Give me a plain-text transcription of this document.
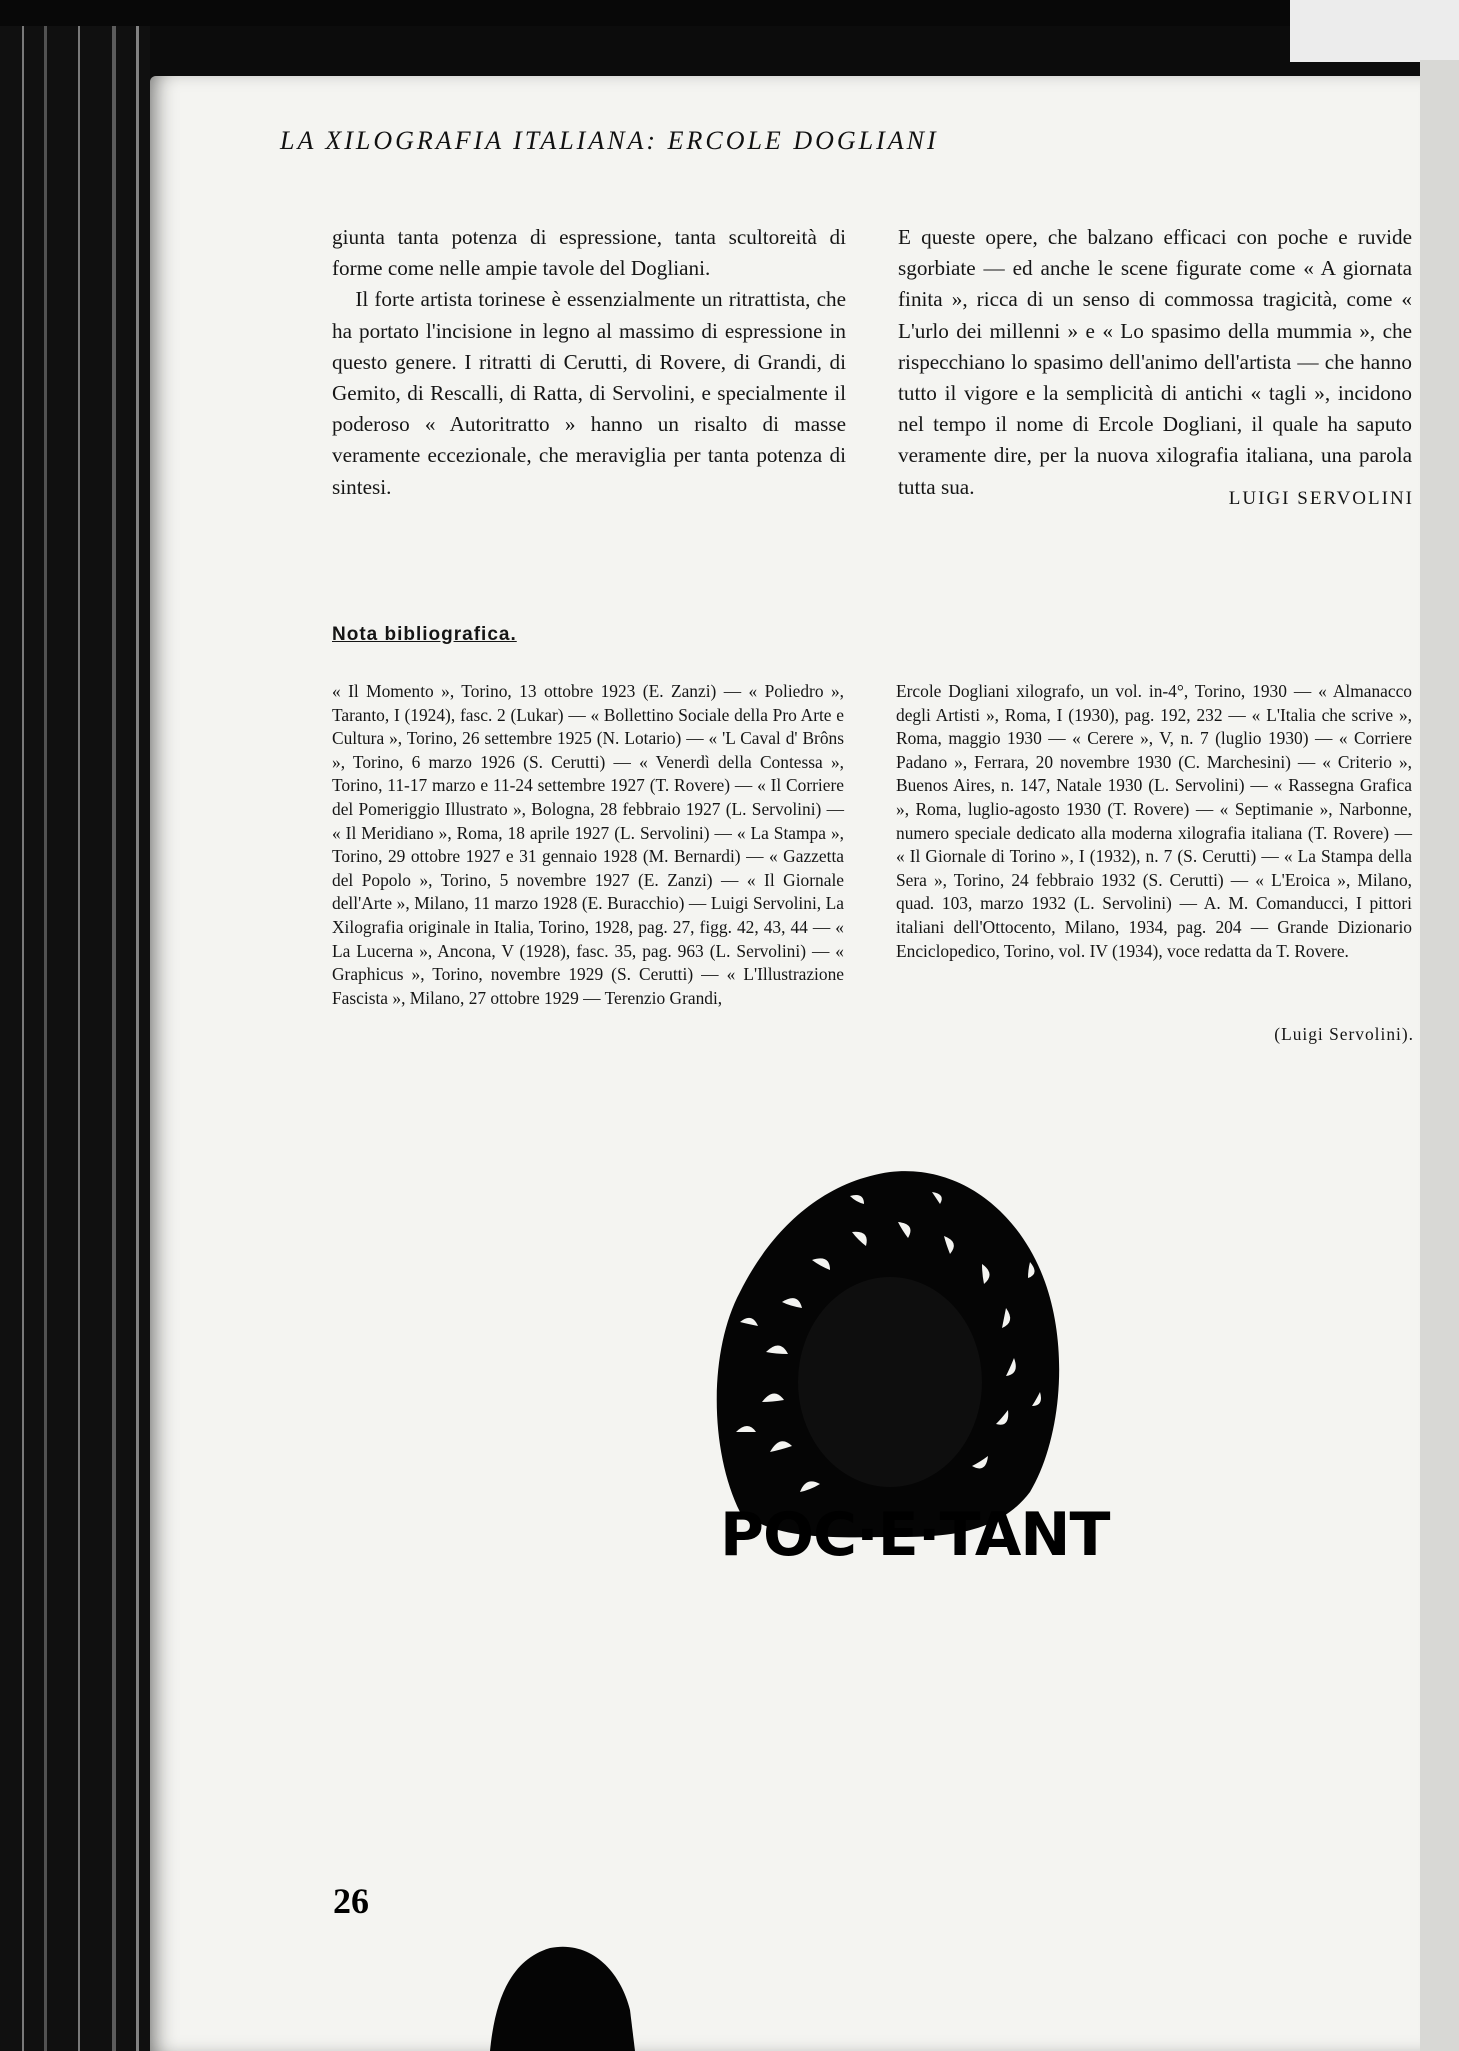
LA XILOGRAFIA ITALIANA: ERCOLE DOGLIANI

giunta tanta potenza di espressione, tanta scultoreità di forme come nelle ampie tavole del Dogliani.

Il forte artista torinese è essenzialmente un ritrattista, che ha portato l'incisione in legno al massimo di espressione in questo genere. I ritratti di Cerutti, di Rovere, di Grandi, di Gemito, di Rescalli, di Ratta, di Servolini, e specialmente il poderoso « Autoritratto » hanno un risalto di masse veramente eccezionale, che meraviglia per tanta potenza di sintesi.

E queste opere, che balzano efficaci con poche e ruvide sgorbiate — ed anche le scene figurate come « A giornata finita », ricca di un senso di commossa tragicità, come « L'urlo dei millenni » e « Lo spasimo della mummia », che rispecchiano lo spasimo dell'animo dell'artista — che hanno tutto il vigore e la semplicità di antichi « tagli », incidono nel tempo il nome di Ercole Dogliani, il quale ha saputo veramente dire, per la nuova xilografia italiana, una parola tutta sua.	LUIGI SERVOLINI
Nota bibliografica.

« Il Momento », Torino, 13 ottobre 1923 (E. Zanzi) — « Poliedro », Taranto, I (1924), fasc. 2 (Lukar) — « Bollettino Sociale della Pro Arte e Cultura », Torino, 26 settembre 1925 (N. Lotario) — « 'L Caval d' Brôns », Torino, 6 marzo 1926 (S. Cerutti) — « Venerdì della Contessa », Torino, 11-17 marzo e 11-24 settembre 1927 (T. Rovere) — « Il Corriere del Pomeriggio Illustrato », Bologna, 28 febbraio 1927 (L. Servolini) — « Il Meridiano », Roma, 18 aprile 1927 (L. Servolini) — « La Stampa », Torino, 29 ottobre 1927 e 31 gennaio 1928 (M. Bernardi) — « Gazzetta del Popolo », Torino, 5 novembre 1927 (E. Zanzi) — « Il Giornale dell'Arte », Milano, 11 marzo 1928 (E. Buracchio) — Luigi Servolini, La Xilografia originale in Italia, Torino, 1928, pag. 27, figg. 42, 43, 44 — « La Lucerna », Ancona, V (1928), fasc. 35, pag. 963 (L. Servolini) — « Graphicus », Torino, novembre 1929 (S. Cerutti) — « L'Illustrazione Fascista », Milano, 27 ottobre 1929 — Terenzio Grandi,

Ercole Dogliani xilografo, un vol. in-4°, Torino, 1930 — « Almanacco degli Artisti », Roma, I (1930), pag. 192, 232 — « L'Italia che scrive », Roma, maggio 1930 — « Cerere », V, n. 7 (luglio 1930) — « Corriere Padano », Ferrara, 20 novembre 1930 (C. Marchesini) — « Criterio », Buenos Aires, n. 147, Natale 1930 (L. Servolini) — « Rassegna Grafica », Roma, luglio-agosto 1930 (T. Rovere) — « Septimanie », Narbonne, numero speciale dedicato alla moderna xilografia italiana (T. Rovere) — « Il Giornale di Torino », I (1932), n. 7 (S. Cerutti) — « La Stampa della Sera », Torino, 24 febbraio 1932 (S. Cerutti) — « L'Eroica », Milano, quad. 103, marzo 1932 (L. Servolini) — A. M. Comanducci, I pittori italiani dell'Ottocento, Milano, 1934, pag. 204 — Grande Dizionario Enciclopedico, Torino, vol. IV (1934), voce redatta da T. Rovere.

(Luigi Servolini).
POC·E·TANT
26
